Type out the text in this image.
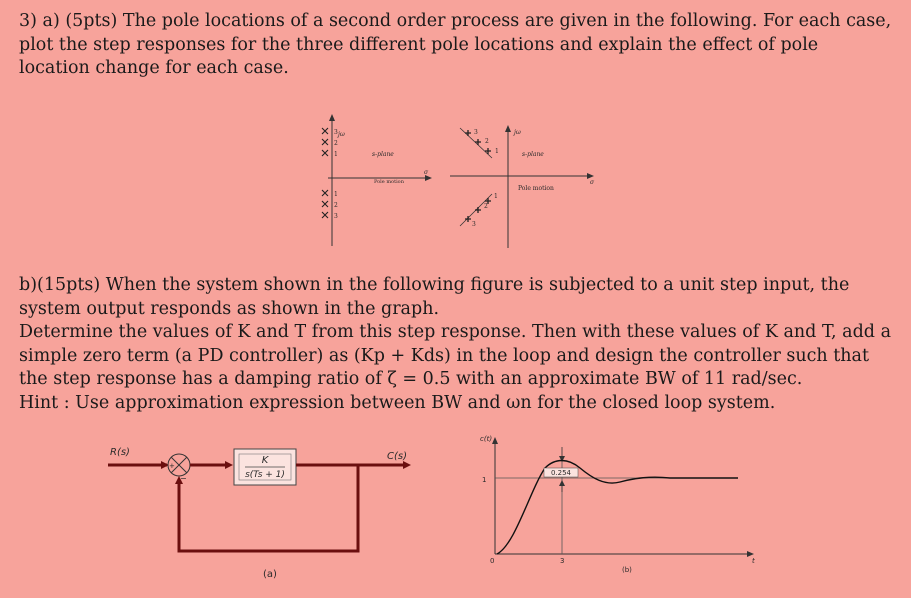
3) a) (5pts) The pole locations of a second order process are given in the following. For each case, plot the step responses for the three different pole locations and explain the effect of pole location change for each case.

3
2
1
1
2
3
jω
s-plane
Pole motion
σ
3
2
1
1
2
3
jω
s-plane
Pole motion
σ
b)(15pts) When the system shown in the following figure is subjected to a unit step input, the system output responds as shown in the graph.
Determine the values of K and T from this step response. Then with these values of K and T, add a simple zero term (a PD controller) as (Kp + Kds) in the loop and design the controller such that the step response has a damping ratio of ζ = 0.5 with an approximate BW of 11 rad/sec.
Hint : Use approximation expression between BW and ωn for the closed loop system.
K
s(Ts + 1)
R(s)	C(s)
+
−
(a)
c(t)
1
0	3	t
0.254
(b)
